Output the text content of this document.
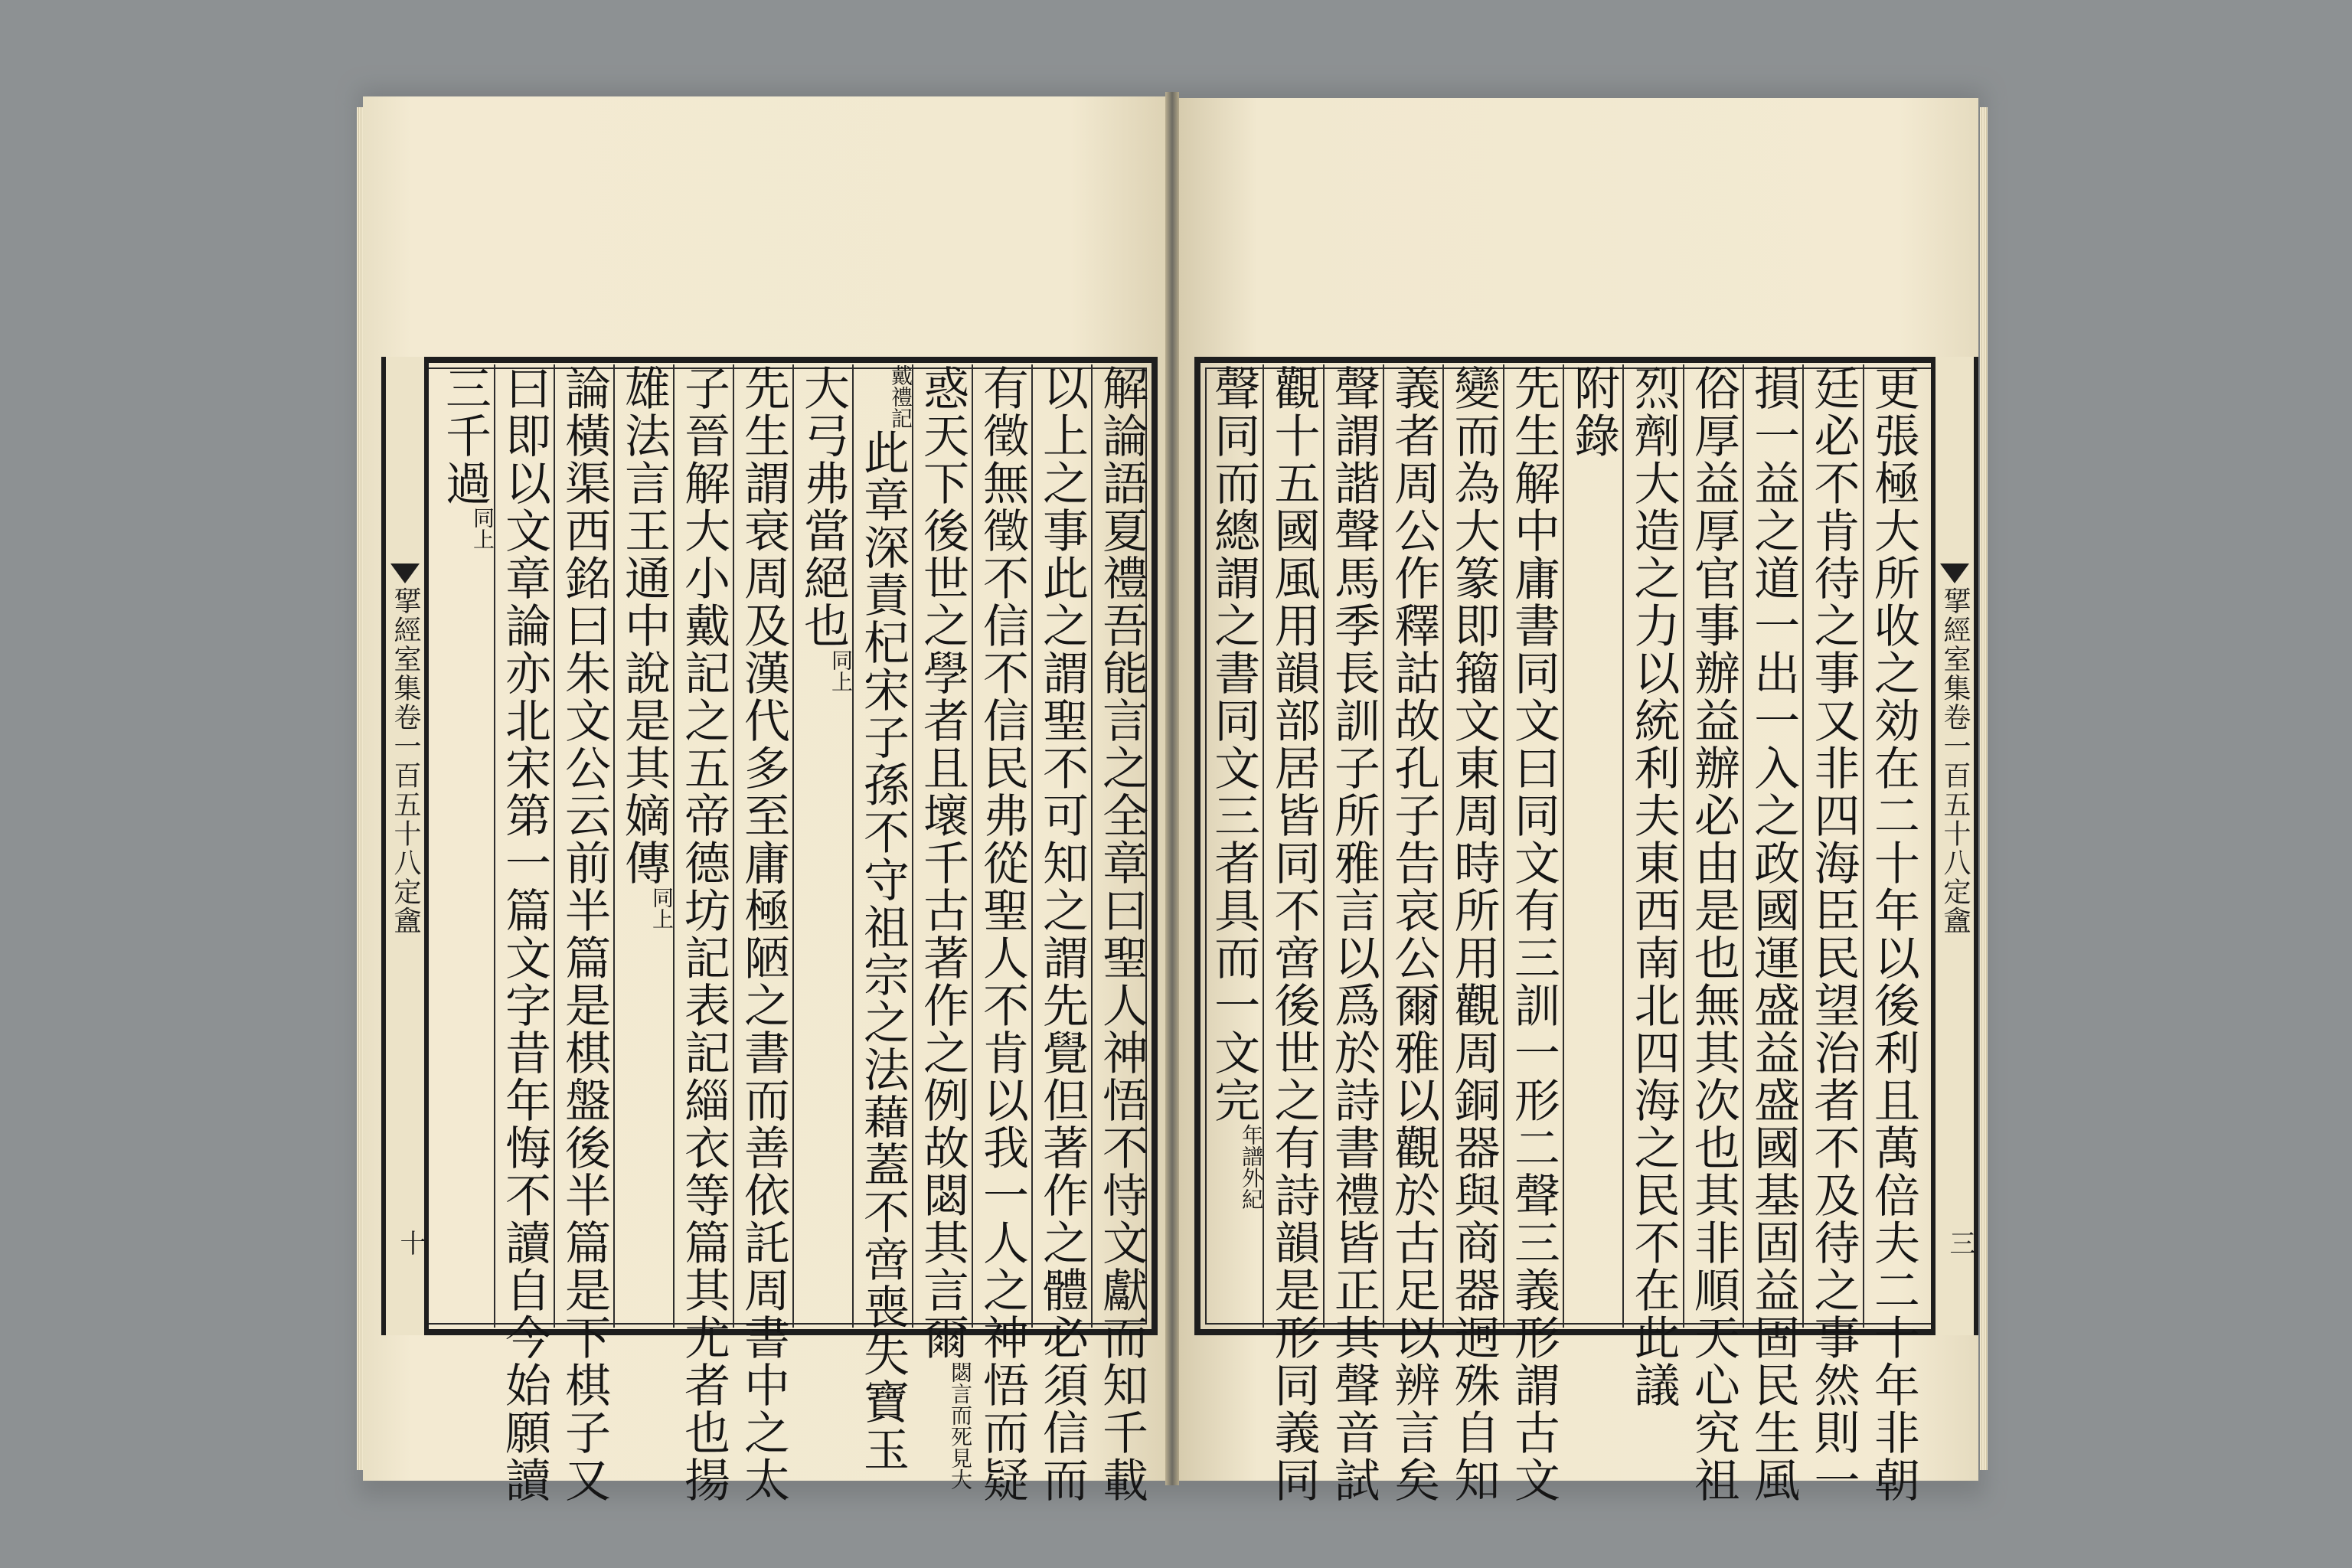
揅經室集卷一百五十八定盦
十
揅經室集卷一百五十八定盦
三
解論語夏禮吾能言之全章曰聖人神悟不恃文獻而知千載
以上之事此之謂聖不可知之謂先覺但著作之體必須信而
有徵無徵不信不信民弗從聖人不肯以我一人之神悟而疑
惑天下後世之學者且壞千古著作之例故閟其言爾$^{閟言而死見大}$
$^{戴禮記}$此章深責杞宋子孫不守祖宗之法藉蓋不啻喪失寶玉
大弓弗當絕也$^{同上}$
先生謂衰周及漢代多至庸極陋之書而善依託周書中之太
子晉解大小戴記之五帝德坊記表記緇衣等篇其尤者也揚
雄法言王通中說是其嫡傳$^{同上}$
論橫渠西銘曰朱文公云前半篇是棋盤後半篇是下棋子又
曰即以文章論亦北宋第一篇文字昔年悔不讀自今始願讀
三千過$^{同上}$	更張極大所收之効在二十年以後利且萬倍夫二十年非朝
廷必不肯待之事又非四海臣民望治者不及待之事然則一
損一益之道一出一入之政國運盛益盛國基固益固民生風
俗厚益厚官事辦益辦必由是也無其次也其非順天心究祖
烈劑大造之力以統利夫東西南北四海之民不在此議
附錄
先生解中庸書同文曰同文有三訓一形二聲三義形謂古文
變而為大篆即籀文東周時所用觀周銅器與商器迥殊自知
義者周公作釋詁故孔子告哀公爾雅以觀於古足以辨言矣
聲謂諧聲馬季長訓子所雅言以爲於詩書禮皆正其聲音試
觀十五國風用韻部居皆同不啻後世之有詩韻是形同義同
聲同而總謂之書同文三者具而一文完$^{年譜外紀}$
